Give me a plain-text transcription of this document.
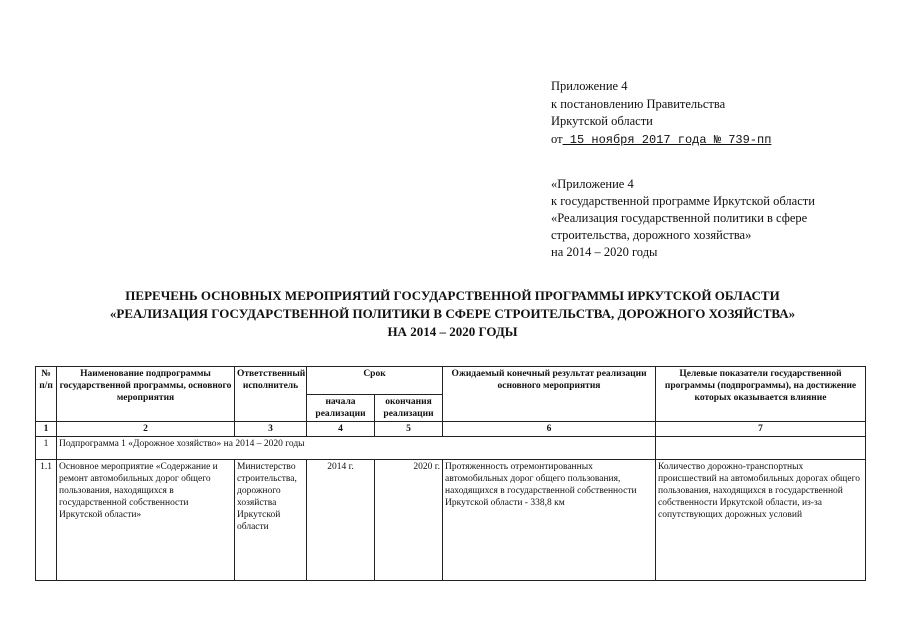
Приложение 4
к постановлению Правительства
Иркутской области
от 15 ноября 2017 года № 739-пп
«Приложение 4
к государственной программе Иркутской области
«Реализация государственной политики в сфере
строительства, дорожного хозяйства»
на 2014 – 2020 годы
ПЕРЕЧЕНЬ ОСНОВНЫХ МЕРОПРИЯТИЙ ГОСУДАРСТВЕННОЙ ПРОГРАММЫ ИРКУТСКОЙ ОБЛАСТИ
«РЕАЛИЗАЦИЯ ГОСУДАРСТВЕННОЙ ПОЛИТИКИ В СФЕРЕ СТРОИТЕЛЬСТВА, ДОРОЖНОГО ХОЗЯЙСТВА»
НА 2014 – 2020 ГОДЫ
№ п/п	Наименование подпрограммы государственной программы, основного мероприятия	Ответственный исполнитель	Срок		Ожидаемый конечный результат реализации основного мероприятия	Целевые показатели государственной программы (подпрограммы), на достижение которых оказывается влияние
			начала реализации	окончания реализации		
1	2	3	4	5	6	7
1	Подпрограмма 1 «Дорожное хозяйство» на 2014 – 2020 годы					
1.1	Основное мероприятие «Содержание и ремонт автомобильных дорог общего пользования, находящихся в государственной собственности Иркутской области»	Министерство строительства, дорожного хозяйства Иркутской области	2014 г.	2020 г.	Протяженность отремонтированных автомобильных дорог общего пользования, находящихся в государственной собственности Иркутской области - 338,8 км	Количество дорожно-транспортных происшествий на автомобильных дорогах общего пользования, находящихся в государственной собственности Иркутской области, из-за сопутствующих дорожных условий
